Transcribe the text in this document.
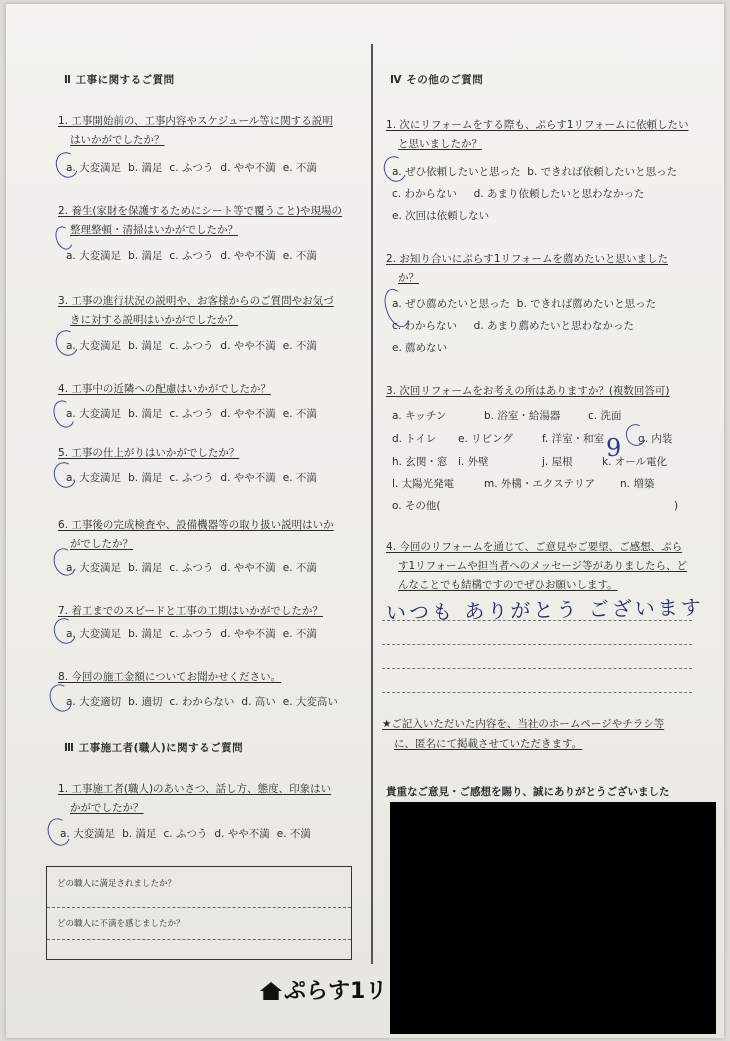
Ⅱ 工事に関するご質問
1. 工事開始前の、工事内容やスケジュール等に関する説明
はいかがでしたか？
a. 大変満足 b. 満足 c. ふつう d. やや不満 e. 不満
2. 養生(家財を保護するためにシート等で覆うこと)や現場の
整理整頓・清掃はいかがでしたか？
a. 大変満足 b. 満足 c. ふつう d. やや不満 e. 不満
3. 工事の進行状況の説明や、お客様からのご質問やお気づ
きに対する説明はいかがでしたか？
a. 大変満足 b. 満足 c. ふつう d. やや不満 e. 不満
4. 工事中の近隣への配慮はいかがでしたか？
a. 大変満足 b. 満足 c. ふつう d. やや不満 e. 不満
5. 工事の仕上がりはいかがでしたか？
a. 大変満足 b. 満足 c. ふつう d. やや不満 e. 不満
6. 工事後の完成検査や、設備機器等の取り扱い説明はいか
がでしたか？
a. 大変満足 b. 満足 c. ふつう d. やや不満 e. 不満
7. 着工までのスピードと工事の工期はいかがでしたか？
a. 大変満足 b. 満足 c. ふつう d. やや不満 e. 不満
8. 今回の施工金額についてお聞かせください。
a. 大変適切 b. 適切 c. わからない d. 高い e. 大変高い
Ⅲ 工事施工者(職人)に関するご質問
1. 工事施工者(職人)のあいさつ、話し方、態度、印象はい
かがでしたか？
a. 大変満足 b. 満足 c. ふつう d. やや不満 e. 不満
どの職人に満足されましたか？
どの職人に不満を感じましたか？
Ⅳ その他のご質問
1. 次にリフォームをする際も、ぷらす1リフォームに依頼したい
と思いましたか？
a. ぜひ依頼したいと思った b. できれば依頼したいと思った
c. わからない d. あまり依頼したいと思わなかった
e. 次回は依頼しない
2. お知り合いにぷらす1リフォームを薦めたいと思いました
か？
a. ぜひ薦めたいと思った b. できれば薦めたいと思った
c. わからない d. あまり薦めたいと思わなかった
e. 薦めない
3. 次回リフォームをお考えの所はありますか？(複数回答可)
a. キッチン	b. 浴室・給湯器	c. 洗面
d. トイレ e. リビング	f. 洋室・和室	g. 内装
h. 玄関・窓 i. 外壁	j. 屋根	k. オール電化
9
l. 太陽光発電	m. 外構・エクステリア n. 増築
o. その他(	)
4. 今回のリフォームを通じて、ご意見やご要望、ご感想、ぷら
す1リフォームや担当者へのメッセージ等がありましたら、ど
んなことでも結構ですのでぜひお願いします。
いつも ありがとう ございます
★ご記入いただいた内容を、当社のホームページやチラシ等
に、匿名にて掲載させていただきます。
貴重なご意見・ご感想を賜り、誠にありがとうございました
ぷらす1リ
